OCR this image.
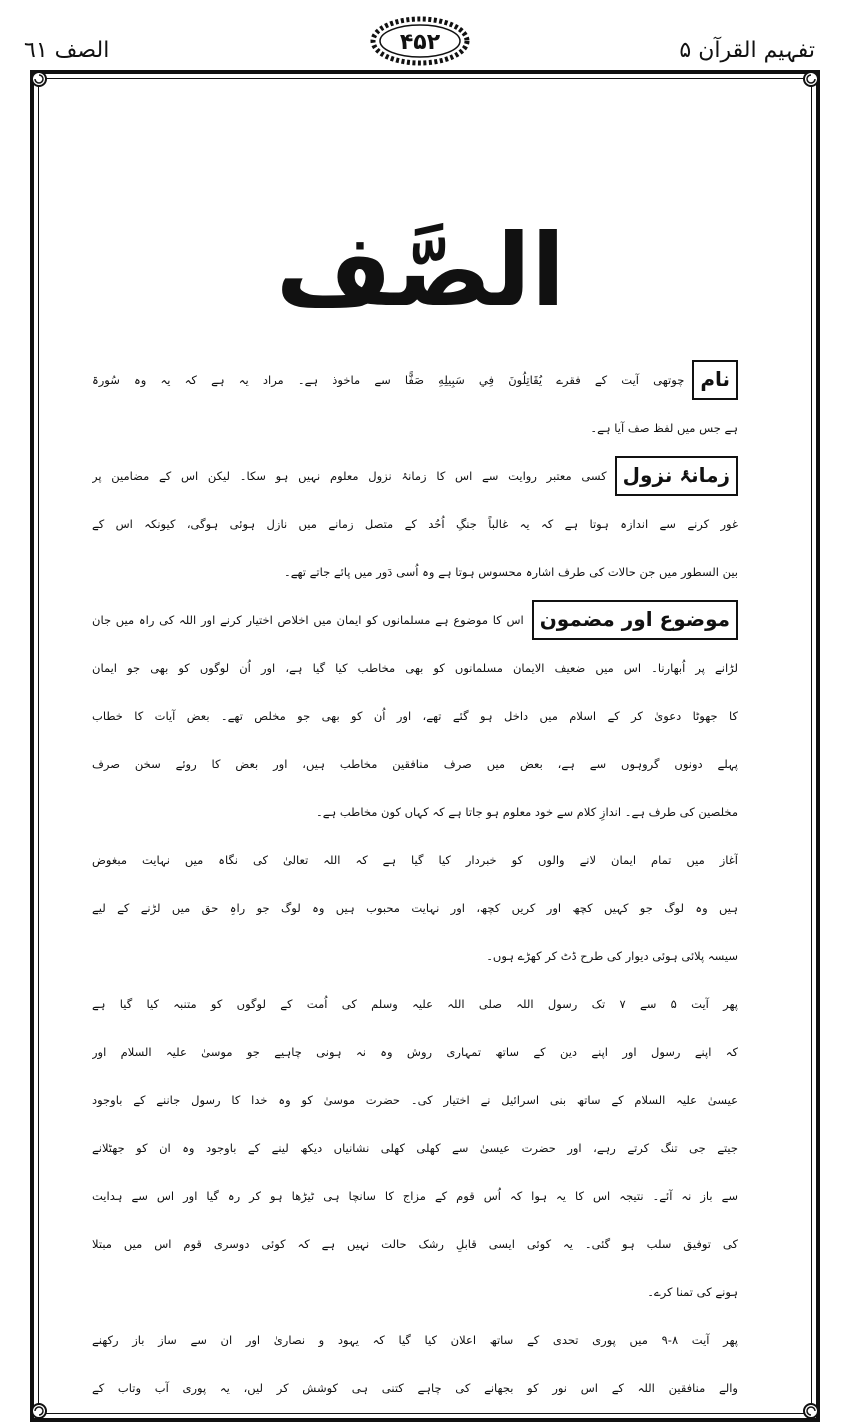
تفہیم القرآن ۵
الصف ٦١	۴۵۲
الصَّف
نام
چوتھی آیت کے فقرے يُقَاتِلُونَ فِي سَبِيلِهِ صَفًّا سے ماخوذ ہے۔ مراد یہ ہے کہ یہ وہ سُورۃ
ہے جس میں لفظ صف آیا ہے۔
زمانۂ نزول
کسی معتبر روایت سے اس کا زمانۂ نزول معلوم نہیں ہو سکا۔ لیکن اس کے مضامین پر
غور کرنے سے اندازہ ہوتا ہے کہ یہ غالباً جنگِ اُحُد کے متصل زمانے میں نازل ہوئی ہوگی، کیونکہ اس کے
بین السطور میں جن حالات کی طرف اشارہ محسوس ہوتا ہے وہ اُسی دَور میں پائے جاتے تھے۔
موضوع اور مضمون
اس کا موضوع ہے مسلمانوں کو ایمان میں اخلاص اختیار کرنے اور اللہ کی راہ میں جان
لڑانے پر اُبھارنا۔ اس میں ضعیف الایمان مسلمانوں کو بھی مخاطب کیا گیا ہے، اور اُن لوگوں کو بھی جو ایمان
کا جھوٹا دعویٰ کر کے اسلام میں داخل ہو گئے تھے، اور اُن کو بھی جو مخلص تھے۔ بعض آیات کا خطاب
پہلے دونوں گروہوں سے ہے، بعض میں صرف منافقین مخاطب ہیں، اور بعض کا روئے سخن صرف
مخلصین کی طرف ہے۔ اندازِ کلام سے خود معلوم ہو جاتا ہے کہ کہاں کون مخاطب ہے۔
آغاز میں تمام ایمان لانے والوں کو خبردار کیا گیا ہے کہ اللہ تعالیٰ کی نگاہ میں نہایت مبغوض
ہیں وہ لوگ جو کہیں کچھ اور کریں کچھ، اور نہایت محبوب ہیں وہ لوگ جو راہِ حق میں لڑنے کے لیے
سیسہ پلائی ہوئی دیوار کی طرح ڈٹ کر کھڑے ہوں۔
پھر آیت ۵ سے ۷ تک رسول اللہ صلی اللہ علیہ وسلم کی اُمت کے لوگوں کو متنبہ کیا گیا ہے
کہ اپنے رسول اور اپنے دین کے ساتھ تمہاری روش وہ نہ ہونی چاہیے جو موسیٰ علیہ السلام اور
عیسیٰ علیہ السلام کے ساتھ بنی اسرائیل نے اختیار کی۔ حضرت موسیٰ کو وہ خدا کا رسول جاننے کے باوجود
جیتے جی تنگ کرتے رہے، اور حضرت عیسیٰ سے کھلی کھلی نشانیاں دیکھ لینے کے باوجود وہ ان کو جھٹلانے
سے باز نہ آئے۔ نتیجہ اس کا یہ ہوا کہ اُس قوم کے مزاج کا سانچا ہی ٹیڑھا ہو کر رہ گیا اور اس سے ہدایت
کی توفیق سلب ہو گئی۔ یہ کوئی ایسی قابلِ رشک حالت نہیں ہے کہ کوئی دوسری قوم اس میں مبتلا
ہونے کی تمنا کرے۔
پھر آیت ۸-۹ میں پوری تحدی کے ساتھ اعلان کیا گیا کہ یہود و نصاریٰ اور ان سے ساز باز رکھنے
والے منافقین اللہ کے اس نور کو بجھانے کی چاہے کتنی ہی کوشش کر لیں، یہ پوری آب وتاب کے
